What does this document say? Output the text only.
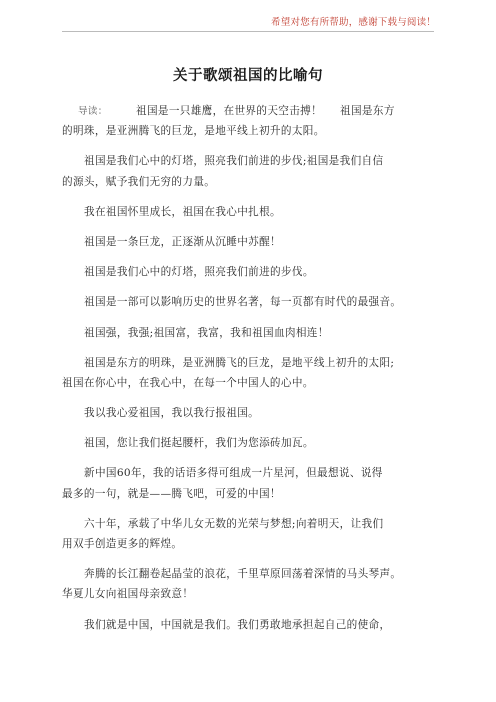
希望对您有所帮助，感谢下载与阅读！
关于歌颂祖国的比喻句
导读：	祖国是一只雄鹰，在世界的天空击搏！ 祖国是东方
的明珠，是亚洲腾飞的巨龙，是地平线上初升的太阳。
祖国是我们心中的灯塔，照亮我们前进的步伐;祖国是我们自信
的源头，赋予我们无穷的力量。
我在祖国怀里成长，祖国在我心中扎根。
祖国是一条巨龙，正逐渐从沉睡中苏醒！
祖国是我们心中的灯塔，照亮我们前进的步伐。
祖国是一部可以影响历史的世界名著，每一页都有时代的最强音。
祖国强，我强;祖国富，我富，我和祖国血肉相连！
祖国是东方的明珠，是亚洲腾飞的巨龙，是地平线上初升的太阳;
祖国在你心中，在我心中，在每一个中国人的心中。
我以我心爱祖国，我以我行报祖国。
祖国，您让我们挺起腰杆，我们为您添砖加瓦。
新中国60年，我的话语多得可组成一片星河，但最想说、说得
最多的一句，就是——腾飞吧，可爱的中国！
六十年，承载了中华儿女无数的光荣与梦想;向着明天，让我们
用双手创造更多的辉煌。
奔腾的长江翻卷起晶莹的浪花，千里草原回荡着深情的马头琴声。
华夏儿女向祖国母亲致意！
我们就是中国，中国就是我们。我们勇敢地承担起自己的使命，
